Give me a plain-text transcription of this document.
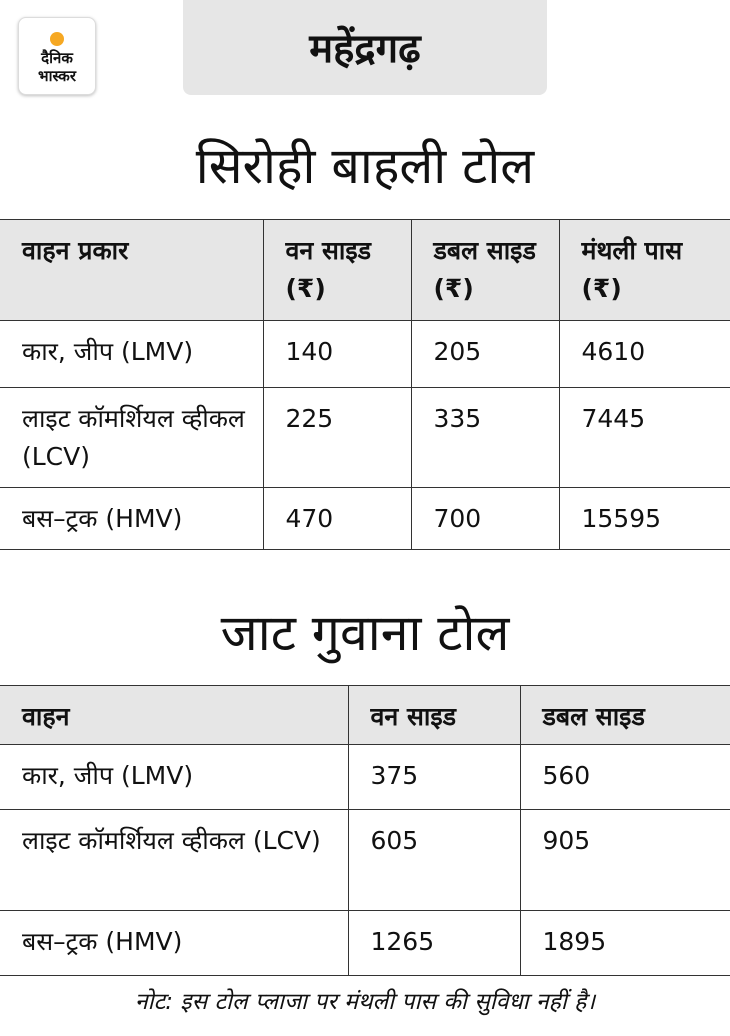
दैनिक
भास्कर
महेंद्रगढ़
सिरोही बाहली टोल
वाहन प्रकार	वन साइड (₹)	डबल साइड (₹)	मंथली पास (₹)
कार, जीप (LMV)	140	205	4610
लाइट कॉमर्शियल व्हीकल (LCV)	225	335	7445
बस–ट्रक (HMV)	470	700	15595
जाट गुवाना टोल
वाहन	वन साइड	डबल साइड
कार, जीप (LMV)	375	560
लाइट कॉमर्शियल व्हीकल (LCV)	605	905
बस–ट्रक (HMV)	1265	1895
नोट: इस टोल प्लाजा पर मंथली पास की सुविधा नहीं है।
